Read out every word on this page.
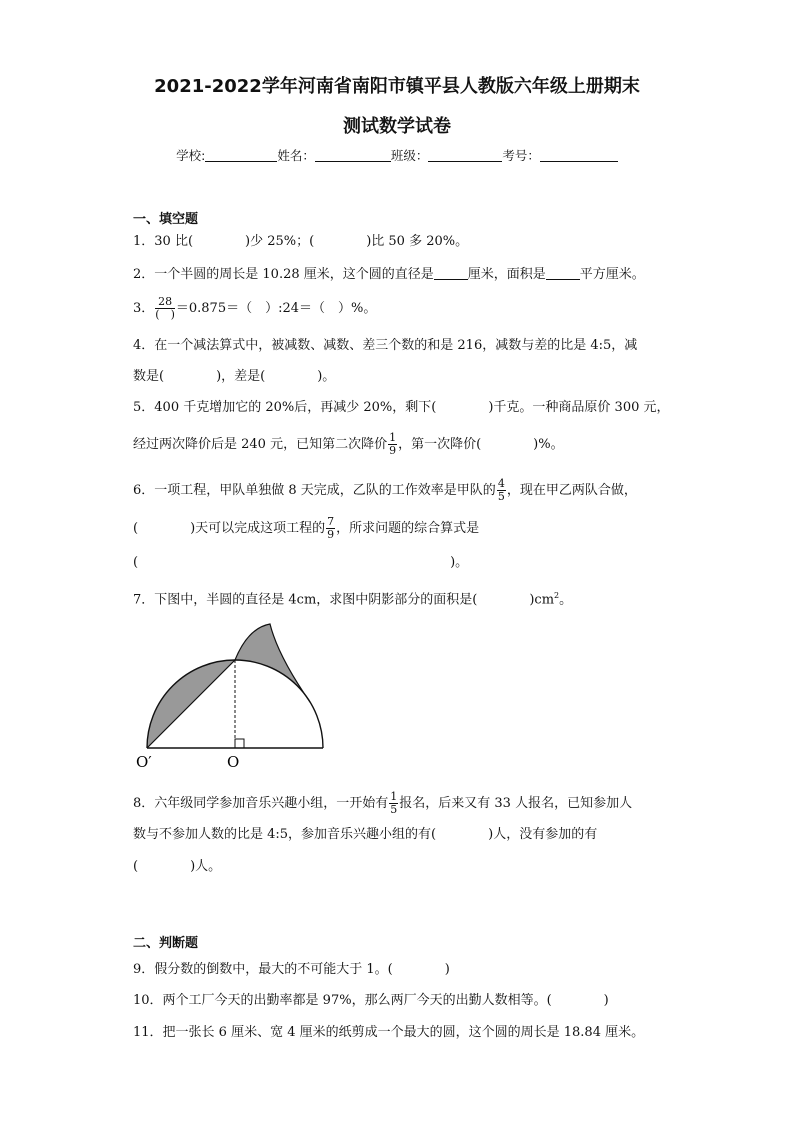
2021-2022学年河南省南阳市镇平县人教版六年级上册期末
测试数学试卷
学校:	姓名：	班级：	考号：
一、填空题
1．30 比(　　　　)少 25%；(　　　　)比 50 多 20%。
2．一个半圆的周长是 10.28 厘米，这个圆的直径是	厘米，面积是	平方厘米。
3． $\frac{28}{( )} =0.875=$（　）:24＝（　）%。
4．在一个减法算式中，被减数、减数、差三个数的和是 216，减数与差的比是 4:5，减
数是(　　　　)，差是(　　　　)。
5．400 千克增加它的 20%后，再减少 20%，剩下(　　　　)千克。一种商品原价 300 元，
经过两次降价后是 240 元，已知第二次降价 $\frac{1}{9}$ ，第一次降价(　　　　)%。
6．一项工程，甲队单独做 8 天完成，乙队的工作效率是甲队的 $\frac{4}{5}$ ，现在甲乙两队合做，
(　　　　)天可以完成这项工程的 $\frac{7}{9}$ ，所求问题的综合算式是
(　　　　　　　　　　　　　　　　　　　　　　　　)。
7．下图中，半圆的直径是 4cm，求图中阴影部分的面积是(　　　　)$cm^2$。
O′	O
8．六年级同学参加音乐兴趣小组，一开始有 $\frac{1}{5}$ 报名，后来又有 33 人报名，已知参加人
数与不参加人数的比是 4:5，参加音乐兴趣小组的有(　　　　)人，没有参加的有
(　　　　)人。
二、判断题
9．假分数的倒数中，最大的不可能大于 1。(　　　　)
10．两个工厂今天的出勤率都是 97%，那么两厂今天的出勤人数相等。(　　　　)
11．把一张长 6 厘米、宽 4 厘米的纸剪成一个最大的圆，这个圆的周长是 18.84 厘米。
